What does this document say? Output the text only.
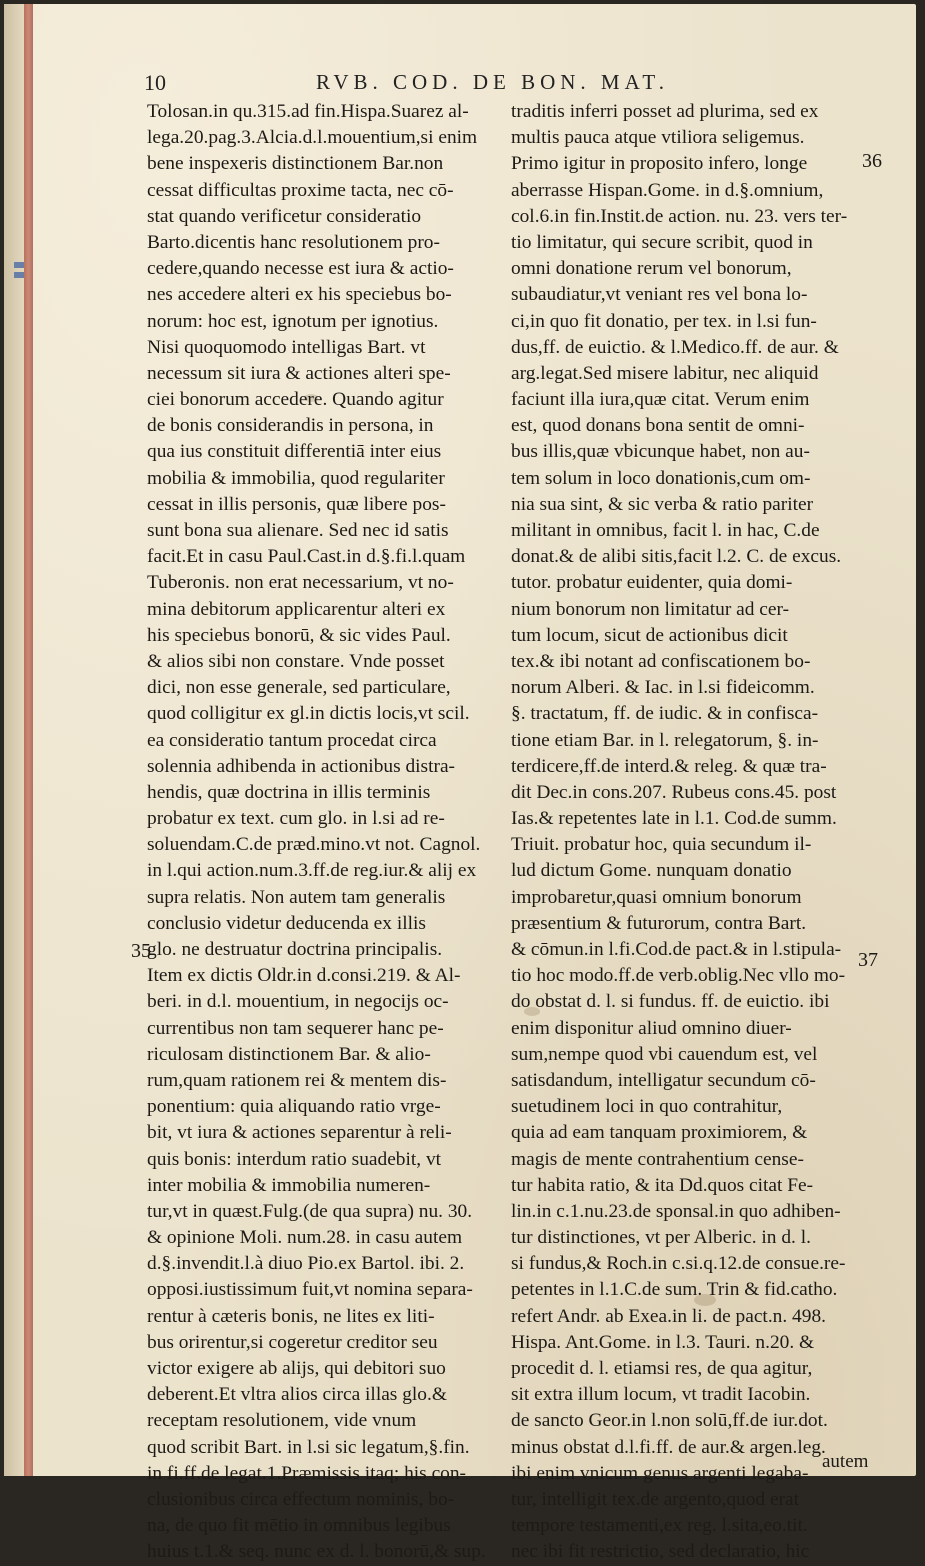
10	RVB. COD. DE BON. MAT.
Tolosan.in qu.315.ad fin.Hispa.Suarez al-
lega.20.pag.3.Alcia.d.l.mouentium,si enim
bene inspexeris distinctionem Bar.non
cessat difficultas proxime tacta, nec cō-
stat quando verificetur consideratio
Barto.dicentis hanc resolutionem pro-
cedere,quando necesse est iura & actio-
nes accedere alteri ex his speciebus bo-
norum: hoc est, ignotum per ignotius.
Nisi quoquomodo intelligas Bart. vt
necessum sit iura & actiones alteri spe-
ciei bonorum accedere. Quando agitur
de bonis considerandis in persona, in
qua ius constituit differentiā inter eius
mobilia & immobilia, quod regulariter
cessat in illis personis, quæ libere pos-
sunt bona sua alienare. Sed nec id satis
facit.Et in casu Paul.Cast.in d.§.fi.l.quam
Tuberonis. non erat necessarium, vt no-
mina debitorum applicarentur alteri ex
his speciebus bonorū, & sic vides Paul.
& alios sibi non constare. Vnde posset
dici, non esse generale, sed particulare,
quod colligitur ex gl.in dictis locis,vt scil.
ea consideratio tantum procedat circa
solennia adhibenda in actionibus distra-
hendis, quæ doctrina in illis terminis
probatur ex text. cum glo. in l.si ad re-
soluendam.C.de præd.mino.vt not. Cagnol.
in l.qui action.num.3.ff.de reg.iur.& alij ex
supra relatis. Non autem tam generalis
conclusio videtur deducenda ex illis
glo. ne destruatur doctrina principalis.
Item ex dictis Oldr.in d.consi.219. & Al-
beri. in d.l. mouentium, in negocijs oc-
currentibus non tam sequerer hanc pe-
riculosam distinctionem Bar. & alio-
rum,quam rationem rei & mentem dis-
ponentium: quia aliquando ratio vrge-
bit, vt iura & actiones separentur à reli-
quis bonis: interdum ratio suadebit, vt
inter mobilia & immobilia numeren-
tur,vt in quæst.Fulg.(de qua supra) nu. 30.
& opinione Moli. num.28. in casu autem
d.§.invendit.l.à diuo Pio.ex Bartol. ibi. 2.
opposi.iustissimum fuit,vt nomina separa-
rentur à cæteris bonis, ne lites ex liti-
bus orirentur,si cogeretur creditor seu
victor exigere ab alijs, qui debitori suo
deberent.Et vltra alios circa illas glo.&
receptam resolutionem, vide vnum
quod scribit Bart. in l.si sic legatum,§.fin.
in fi.ff.de legat.1.Præmissis itaq; his con-
clusionibus circa effectum nominis, bo-
na, de quo fit mētio in omnibus legibus
huius t.1.& seq. nunc ex d. l. bonorū,& sup.
traditis inferri posset ad plurima, sed ex
multis pauca atque vtiliora seligemus.
Primo igitur in proposito infero, longe
aberrasse Hispan.Gome. in d.§.omnium,
col.6.in fin.Instit.de action. nu. 23. vers ter-
tio limitatur, qui secure scribit, quod in
omni donatione rerum vel bonorum,
subaudiatur,vt veniant res vel bona lo-
ci,in quo fit donatio, per tex. in l.si fun-
dus,ff. de euictio. & l.Medico.ff. de aur. &
arg.legat.Sed misere labitur, nec aliquid
faciunt illa iura,quæ citat. Verum enim
est, quod donans bona sentit de omni-
bus illis,quæ vbicunque habet, non au-
tem solum in loco donationis,cum om-
nia sua sint, & sic verba & ratio pariter
militant in omnibus, facit l. in hac, C.de
donat.& de alibi sitis,facit l.2. C. de excus.
tutor. probatur euidenter, quia domi-
nium bonorum non limitatur ad cer-
tum locum, sicut de actionibus dicit
tex.& ibi notant ad confiscationem bo-
norum Alberi. & Iac. in l.si fideicomm.
§. tractatum, ff. de iudic. & in confisca-
tione etiam Bar. in l. relegatorum, §. in-
terdicere,ff.de interd.& releg. & quæ tra-
dit Dec.in cons.207. Rubeus cons.45. post
Ias.& repetentes late in l.1. Cod.de summ.
Triuit. probatur hoc, quia secundum il-
lud dictum Gome. nunquam donatio
improbaretur,quasi omnium bonorum
præsentium & futurorum, contra Bart.
& cōmun.in l.fi.Cod.de pact.& in l.stipula-
tio hoc modo.ff.de verb.oblig.Nec vllo mo-
do obstat d. l. si fundus. ff. de euictio. ibi
enim disponitur aliud omnino diuer-
sum,nempe quod vbi cauendum est, vel
satisdandum, intelligatur secundum cō-
suetudinem loci in quo contrahitur,
quia ad eam tanquam proximiorem, &
magis de mente contrahentium cense-
tur habita ratio, & ita Dd.quos citat Fe-
lin.in c.1.nu.23.de sponsal.in quo adhiben-
tur distinctiones, vt per Alberic. in d. l.
si fundus,& Roch.in c.si.q.12.de consue.re-
petentes in l.1.C.de sum. Trin & fid.catho.
refert Andr. ab Exea.in li. de pact.n. 498.
Hispa. Ant.Gome. in l.3. Tauri. n.20. &
procedit d. l. etiamsi res, de qua agitur,
sit extra illum locum, vt tradit Iacobin.
de sancto Geor.in l.non solū,ff.de iur.dot.
minus obstat d.l.fi.ff. de aur.& argen.leg.
ibi enim vnicum genus argenti legaba-
tur, intelligit tex.de argento,quod erat
tempore testamenti,ex reg. l.sita,eo.tit.
nec ibi fit restrictio, sed declaratio, hic
35
36
37
autem
